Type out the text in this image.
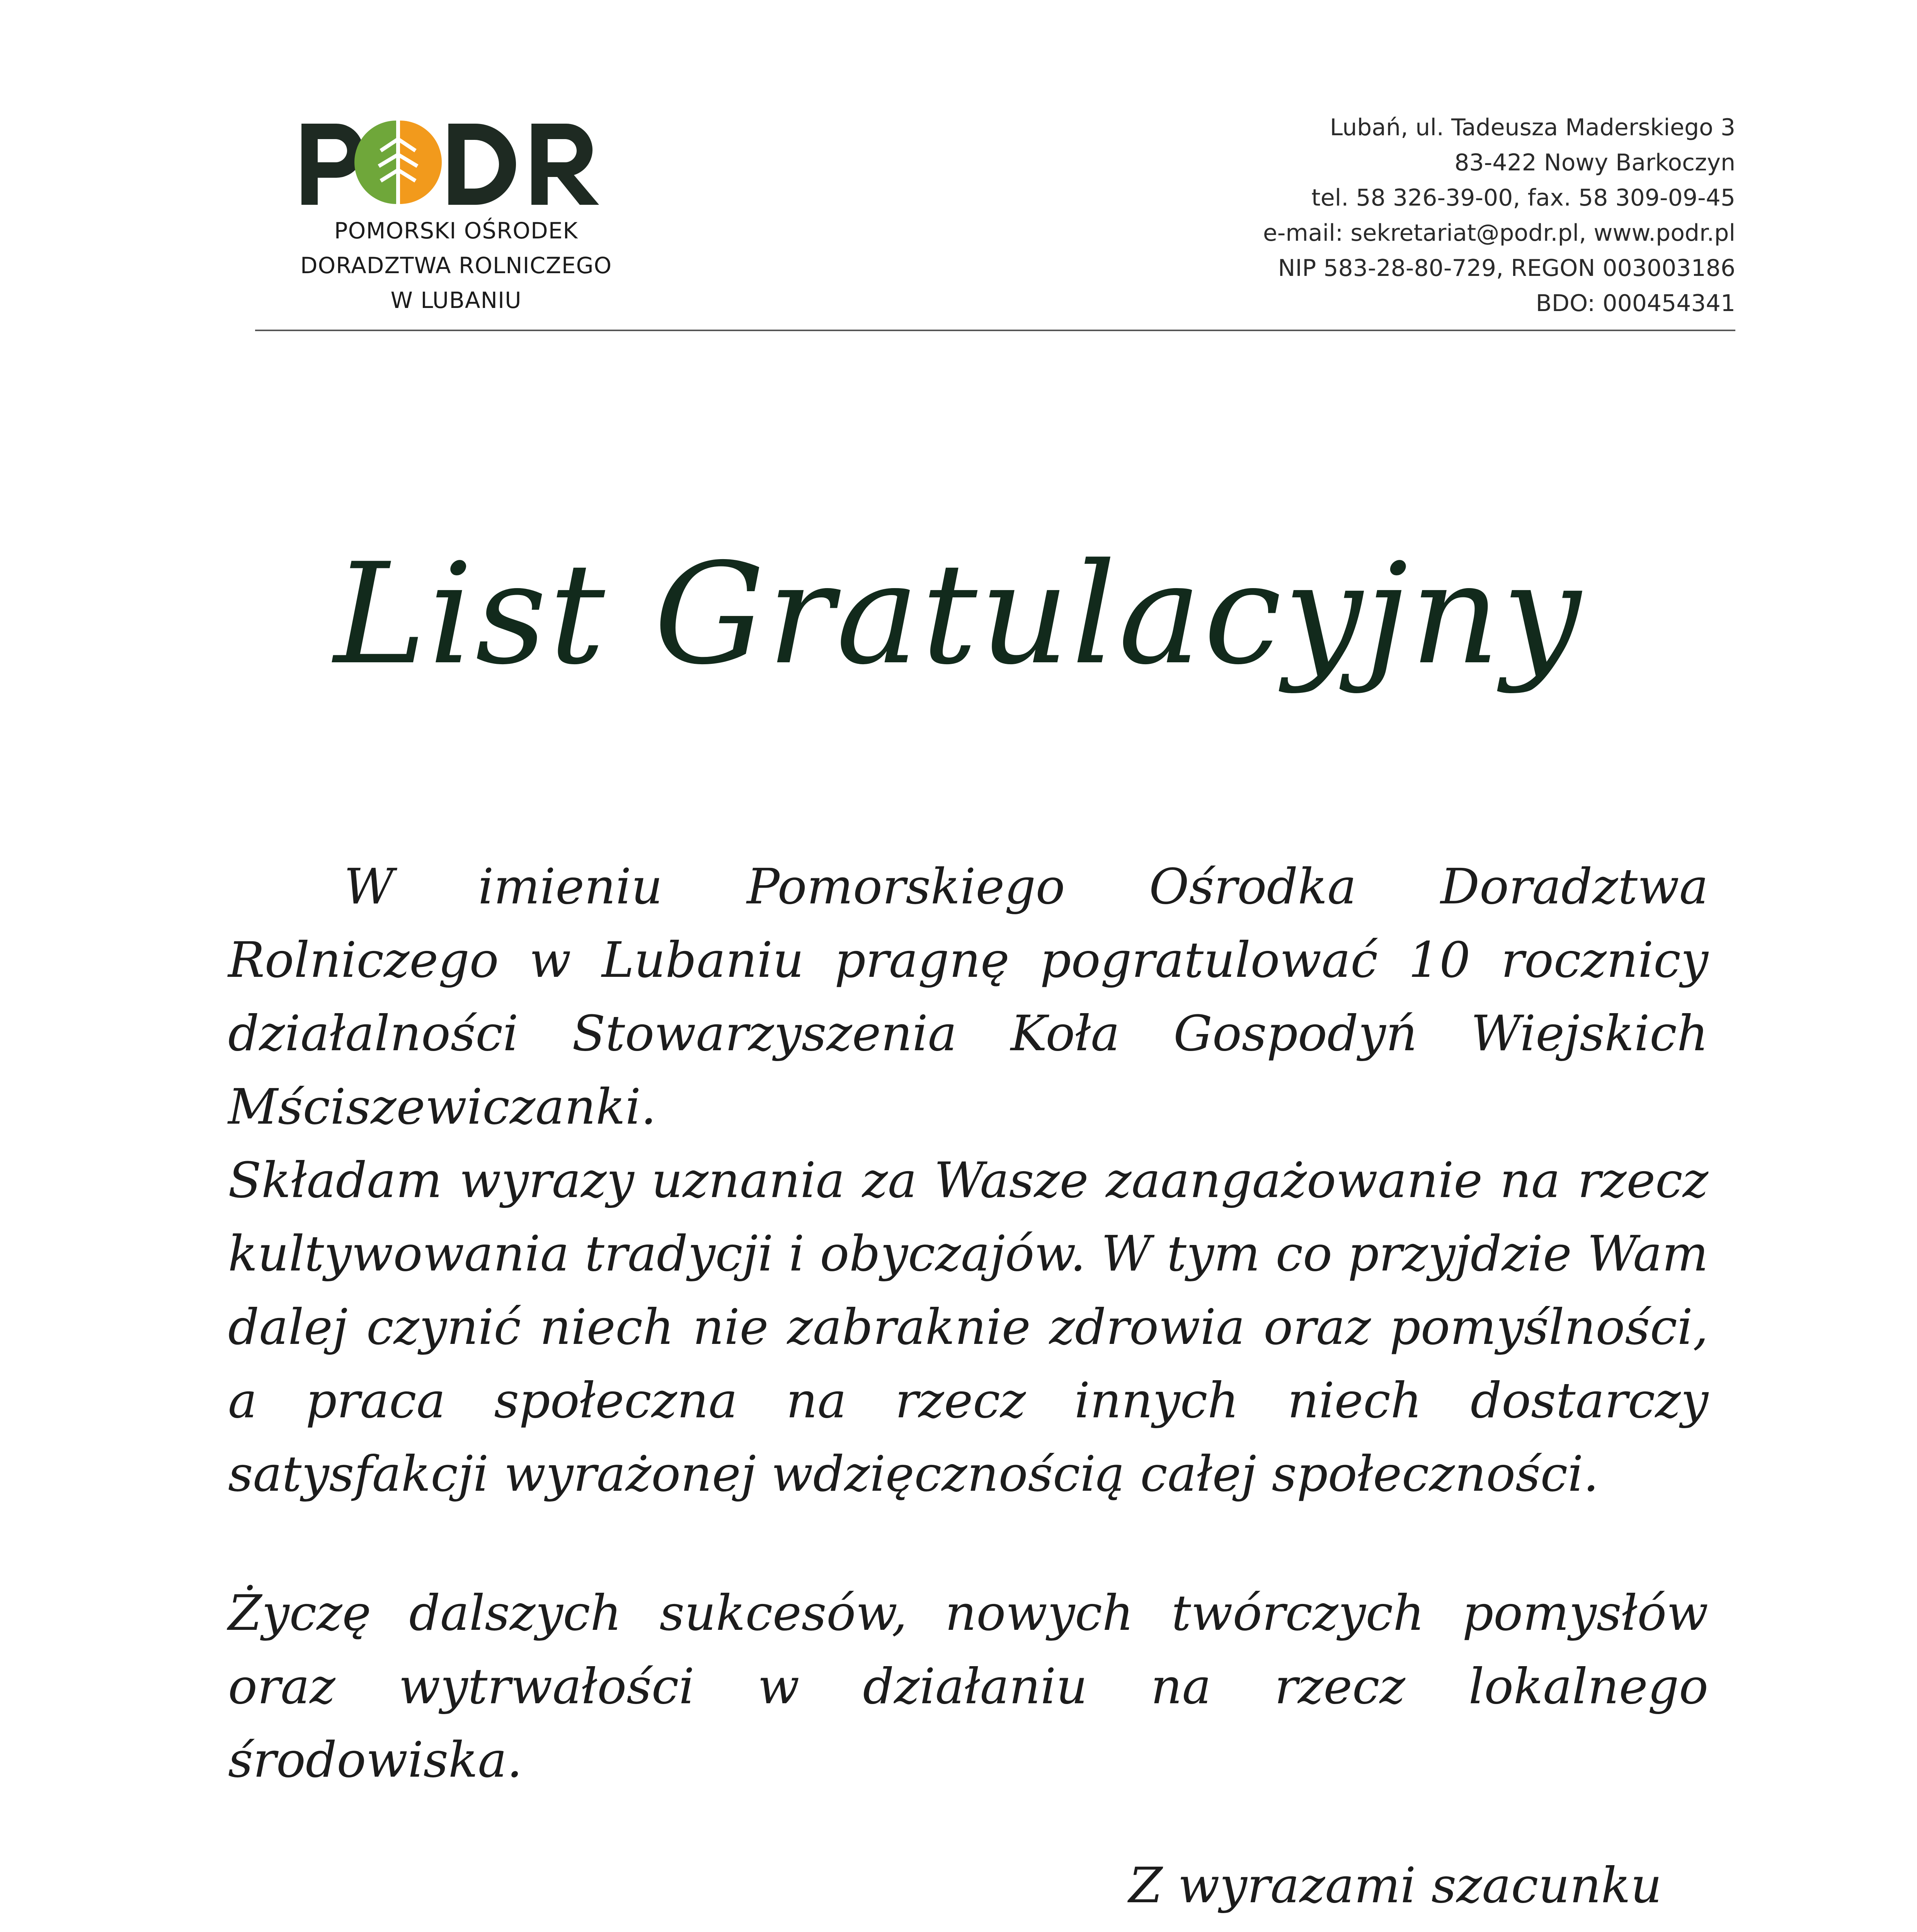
POMORSKI OŚRODEK
DORADZTWA ROLNICZEGO
W LUBANIU
Lubań, ul. Tadeusza Maderskiego 3
83-422 Nowy Barkoczyn
tel. 58 326-39-00, fax. 58 309-09-45
e-mail: sekretariat@podr.pl, www.podr.pl
NIP 583-28-80-729, REGON 003003186
BDO: 000454341
List Gratulacyjny
W imieniu Pomorskiego Ośrodka Doradztwa Rolniczego w Lubaniu pragnę pogratulować 10 rocznicy działalności Stowarzyszenia Koła Gospodyń Wiejskich Mściszewiczanki.
Składam wyrazy uznania za Wasze zaangażowanie na rzecz kultywowania tradycji i obyczajów. W tym co przyjdzie Wam dalej czynić niech nie zabraknie zdrowia oraz pomyślności, a praca społeczna na rzecz innych niech dostarczy satysfakcji wyrażonej wdzięcznością całej społeczności.
Życzę dalszych sukcesów, nowych twórczych pomysłów oraz wytrwałości w działaniu na rzecz lokalnego środowiska.
Z wyrazami szacunku
